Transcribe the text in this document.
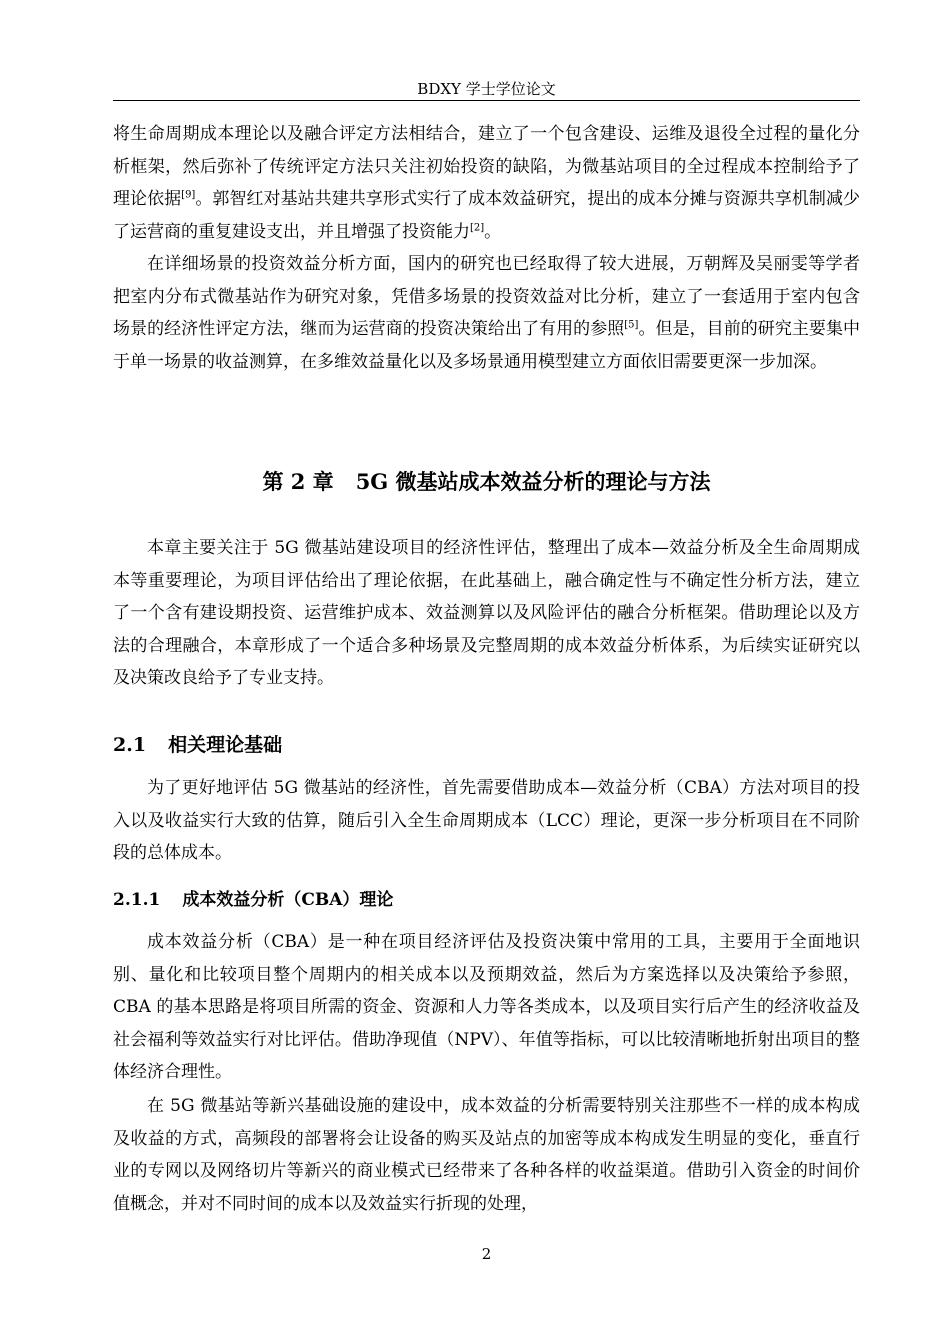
BDXY 学士学位论文

将生命周期成本理论以及融合评定方法相结合，建立了一个包含建设、运维及退役全过程的量化分析框架，然后弥补了传统评定方法只关注初始投资的缺陷，为微基站项目的全过程成本控制给予了理论依据[9]。郭智红对基站共建共享形式实行了成本效益研究，提出的成本分摊与资源共享机制减少了运营商的重复建设支出，并且增强了投资能力[2]。

在详细场景的投资效益分析方面，国内的研究也已经取得了较大进展，万朝辉及吴丽雯等学者把室内分布式微基站作为研究对象，凭借多场景的投资效益对比分析，建立了一套适用于室内包含场景的经济性评定方法，继而为运营商的投资决策给出了有用的参照[5]。但是，目前的研究主要集中于单一场景的收益测算，在多维效益量化以及多场景通用模型建立方面依旧需要更深一步加深。

第 2 章 5G 微基站成本效益分析的理论与方法

本章主要关注于 5G 微基站建设项目的经济性评估，整理出了成本—效益分析及全生命周期成本等重要理论，为项目评估给出了理论依据，在此基础上，融合确定性与不确定性分析方法，建立了一个含有建设期投资、运营维护成本、效益测算以及风险评估的融合分析框架。借助理论以及方法的合理融合，本章形成了一个适合多种场景及完整周期的成本效益分析体系，为后续实证研究以及决策改良给予了专业支持。

2.1 相关理论基础

为了更好地评估 5G 微基站的经济性，首先需要借助成本—效益分析（CBA）方法对项目的投入以及收益实行大致的估算，随后引入全生命周期成本（LCC）理论，更深一步分析项目在不同阶段的总体成本。

2.1.1 成本效益分析（CBA）理论

成本效益分析（CBA）是一种在项目经济评估及投资决策中常用的工具，主要用于全面地识别、量化和比较项目整个周期内的相关成本以及预期效益，然后为方案选择以及决策给予参照，CBA 的基本思路是将项目所需的资金、资源和人力等各类成本，以及项目实行后产生的经济收益及社会福利等效益实行对比评估。借助净现值（NPV）、年值等指标，可以比较清晰地折射出项目的整体经济合理性。

在 5G 微基站等新兴基础设施的建设中，成本效益的分析需要特别关注那些不一样的成本构成及收益的方式，高频段的部署将会让设备的购买及站点的加密等成本构成发生明显的变化，垂直行业的专网以及网络切片等新兴的商业模式已经带来了各种各样的收益渠道。借助引入资金的时间价值概念，并对不同时间的成本以及效益实行折现的处理，

2
